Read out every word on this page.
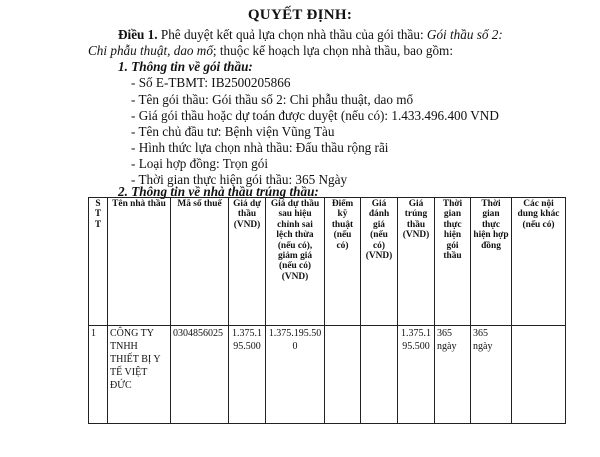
QUYẾT ĐỊNH:
Điều 1. Phê duyệt kết quả lựa chọn nhà thầu của gói thầu: Gói thầu số 2:
Chi phẫu thuật, dao mổ; thuộc kế hoạch lựa chọn nhà thầu, bao gồm:
1. Thông tin về gói thầu:
- Số E-TBMT: IB2500205866
- Tên gói thầu: Gói thầu số 2: Chi phẫu thuật, dao mổ
- Giá gói thầu hoặc dự toán được duyệt (nếu có): 1.433.496.400 VND
- Tên chủ đầu tư: Bệnh viện Vũng Tàu
- Hình thức lựa chọn nhà thầu: Đấu thầu rộng rãi
- Loại hợp đồng: Trọn gói
- Thời gian thực hiện gói thầu: 365 Ngày
2. Thông tin về nhà thầu trúng thầu:
S
T
T	Tên nhà thầu	Mã số thuế	Giá dự thầu (VND)	Giá dự thầu sau hiệu chỉnh sai lệch thừa (nếu có), giảm giá (nếu có) (VND)	Điểm kỹ thuật (nếu có)	Giá đánh giá (nếu có) (VND)	Giá trúng thầu (VND)	Thời gian thực hiện gói thầu	Thời gian thực hiện hợp đồng	Các nội dung khác (nếu có)
1	CÔNG TY TNHH THIẾT BỊ Y TẾ VIỆT ĐỨC	0304856025	1.375.195.500	1.375.195.500			1.375.195.500	365 ngày	365 ngày	
